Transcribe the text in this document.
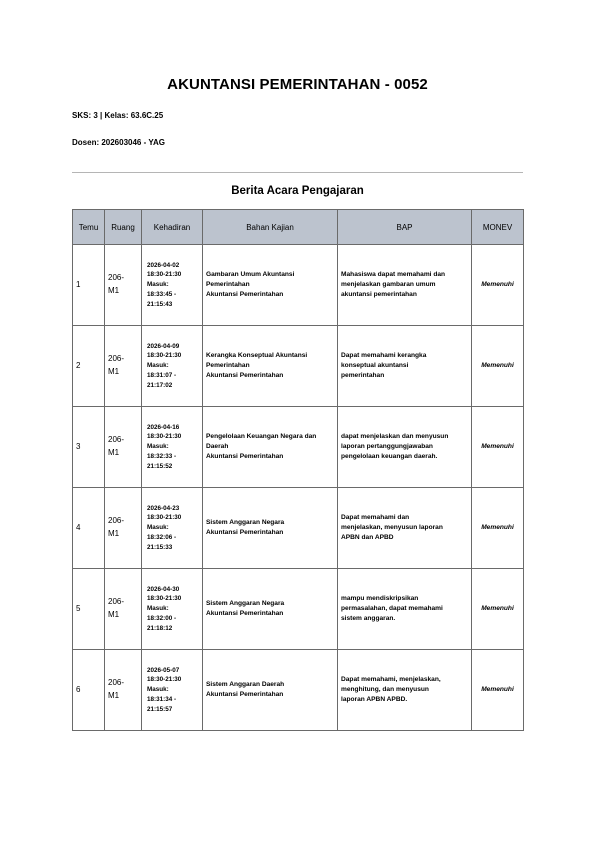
AKUNTANSI PEMERINTAHAN - 0052
SKS: 3 | Kelas: 63.6C.25
Dosen: 202603046 - YAG
Berita Acara Pengajaran
Temu	Ruang	Kehadiran	Bahan Kajian	BAP	MONEV
1	206-
M1	2026-04-02
18:30-21:30
Masuk:
18:33:45 -
21:15:43	Gambaran Umum Akuntansi
Pemerintahan
Akuntansi Pemerintahan	Mahasiswa dapat memahami dan
menjelaskan gambaran umum
akuntansi pemerintahan	Memenuhi
2	206-
M1	2026-04-09
18:30-21:30
Masuk:
18:31:07 -
21:17:02	Kerangka Konseptual Akuntansi
Pemerintahan
Akuntansi Pemerintahan	Dapat memahami kerangka
konseptual akuntansi
pemerintahan	Memenuhi
3	206-
M1	2026-04-16
18:30-21:30
Masuk:
18:32:33 -
21:15:52	Pengelolaan Keuangan Negara dan
Daerah
Akuntansi Pemerintahan	dapat menjelaskan dan menyusun
laporan pertanggungjawaban
pengelolaan keuangan daerah.	Memenuhi
4	206-
M1	2026-04-23
18:30-21:30
Masuk:
18:32:06 -
21:15:33	Sistem Anggaran Negara
Akuntansi Pemerintahan	Dapat memahami dan
menjelaskan, menyusun laporan
APBN dan APBD	Memenuhi
5	206-
M1	2026-04-30
18:30-21:30
Masuk:
18:32:00 -
21:18:12	Sistem Anggaran Negara
Akuntansi Pemerintahan	mampu mendiskripsikan
permasalahan, dapat memahami
sistem anggaran.	Memenuhi
6	206-
M1	2026-05-07
18:30-21:30
Masuk:
18:31:34 -
21:15:57	Sistem Anggaran Daerah
Akuntansi Pemerintahan	Dapat memahami, menjelaskan,
menghitung, dan menyusun
laporan APBN APBD.	Memenuhi
